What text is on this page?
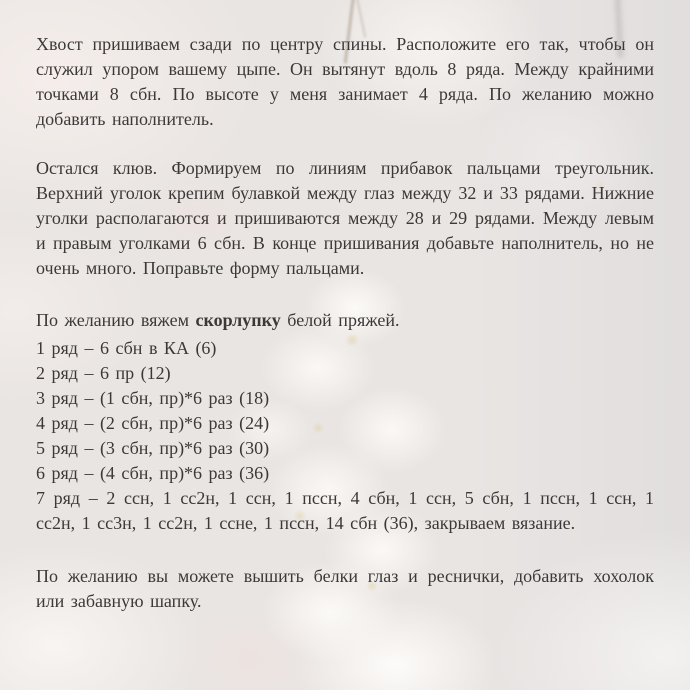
Хвост пришиваем сзади по центру спины. Расположите его так, чтобы он служил упором вашему цыпе. Он вытянут вдоль 8 ряда. Между крайними точками 8 сбн. По высоте у меня занимает 4 ряда. По желанию можно добавить наполнитель.

Остался клюв. Формируем по линиям прибавок пальцами треугольник. Верхний уголок крепим булавкой между глаз между 32 и 33 рядами. Нижние уголки располагаются и пришиваются между 28 и 29 рядами. Между левым и правым уголками 6 сбн. В конце пришивания добавьте наполнитель, но не очень много. Поправьте форму пальцами.

По желанию вяжем скорлупку белой пряжей.

1 ряд – 6 сбн в КА (6)
2 ряд – 6 пр (12)
3 ряд – (1 сбн, пр)*6 раз (18)
4 ряд – (2 сбн, пр)*6 раз (24)
5 ряд – (3 сбн, пр)*6 раз (30)
6 ряд – (4 сбн, пр)*6 раз (36)
7 ряд – 2 ссн, 1 сс2н, 1 ссн, 1 пссн, 4 сбн, 1 ссн, 5 сбн, 1 пссн, 1 ссн, 1 сс2н, 1 сс3н, 1 сс2н, 1 ссне, 1 пссн, 14 сбн (36), закрываем вязание.

По желанию вы можете вышить белки глаз и реснички, добавить хохолок или забавную шапку.
